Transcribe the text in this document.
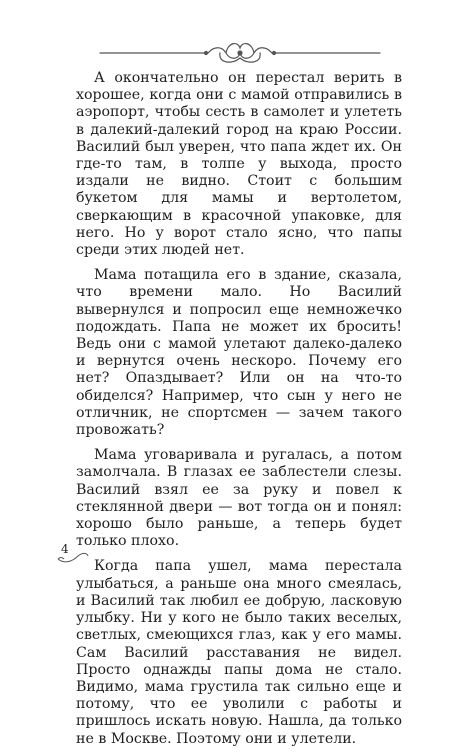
А окончательно он перестал верить в хорошее, когда они с мамой отправились в аэропорт, чтобы сесть в самолет и улететь в далекий-далекий город на краю России. Василий был уверен, что папа ждет их. Он где-то там, в толпе у выхода, просто издали не видно. Стоит с большим букетом для мамы и вертолетом, сверкающим в красочной упаковке, для него. Но у ворот стало ясно, что папы среди этих людей нет.

Мама потащила его в здание, сказала, что времени мало. Но Василий вывернулся и попросил еще немножечко подождать. Папа не может их бросить! Ведь они с мамой улетают далеко-далеко и вернутся очень нескоро. Почему его нет? Опаздывает? Или он на что-то обиделся? Например, что сын у него не отличник, не спортсмен — зачем такого провожать?

Мама уговаривала и ругалась, а потом замолчала. В глазах ее заблестели слезы. Василий взял ее за руку и повел к стеклянной двери — вот тогда он и понял: хорошо было раньше, а теперь будет только плохо.

Когда папа ушел, мама перестала улыбаться, а раньше она много смеялась, и Василий так любил ее добрую, ласковую улыбку. Ни у кого не было таких веселых, светлых, смеющихся глаз, как у его мамы. Сам Василий расставания не видел. Просто однажды папы дома не стало. Видимо, мама грустила так сильно еще и потому, что ее уволили с работы и пришлось искать новую. Нашла, да только не в Москве. Поэтому они и улетели.

4
